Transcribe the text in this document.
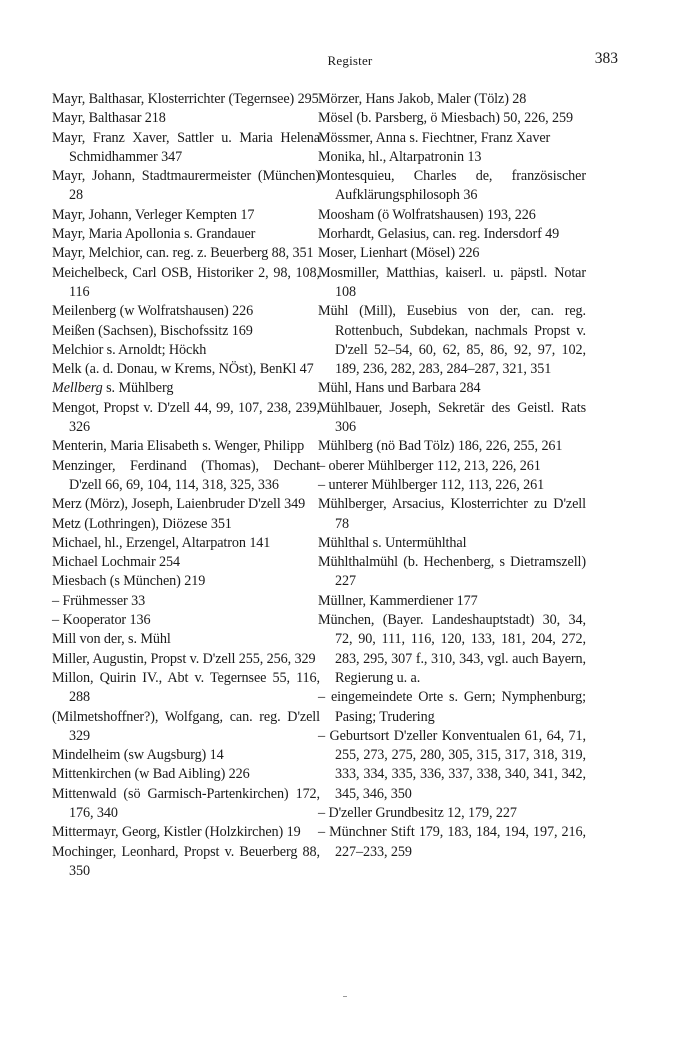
Register	383

Mayr, Balthasar, Klosterrichter (Tegernsee) 295

Mayr, Balthasar 218

Mayr, Franz Xaver, Sattler u. Maria Helena Schmidhammer 347

Mayr, Johann, Stadtmaurermeister (München) 28

Mayr, Johann, Verleger Kempten 17

Mayr, Maria Apollonia s. Grandauer

Mayr, Melchior, can. reg. z. Beuerberg 88, 351

Meichelbeck, Carl OSB, Historiker 2, 98, 108, 116

Meilenberg (w Wolfratshausen) 226

Meißen (Sachsen), Bischofssitz 169

Melchior s. Arnoldt; Höckh

Melk (a. d. Donau, w Krems, NÖst), BenKl 47

Mellberg s. Mühlberg

Mengot, Propst v. D'zell 44, 99, 107, 238, 239, 326

Menterin, Maria Elisabeth s. Wenger, Philipp

Menzinger, Ferdinand (Thomas), Dechant D'zell 66, 69, 104, 114, 318, 325, 336

Merz (Mörz), Joseph, Laienbruder D'zell 349

Metz (Lothringen), Diözese 351

Michael, hl., Erzengel, Altarpatron 141

Michael Lochmair 254

Miesbach (s München) 219

– Frühmesser 33

– Kooperator 136

Mill von der, s. Mühl

Miller, Augustin, Propst v. D'zell 255, 256, 329

Millon, Quirin IV., Abt v. Tegernsee 55, 116, 288

(Milmetshoffner?), Wolfgang, can. reg. D'zell 329

Mindelheim (sw Augsburg) 14

Mittenkirchen (w Bad Aibling) 226

Mittenwald (sö Garmisch-Partenkirchen) 172, 176, 340

Mittermayr, Georg, Kistler (Holzkirchen) 19

Mochinger, Leonhard, Propst v. Beuerberg 88, 350

Mörzer, Hans Jakob, Maler (Tölz) 28

Mösel (b. Parsberg, ö Miesbach) 50, 226, 259

Mössmer, Anna s. Fiechtner, Franz Xaver

Monika, hl., Altarpatronin 13

Montesquieu, Charles de, französischer Aufklärungsphilosoph 36

Moosham (ö Wolfratshausen) 193, 226

Morhardt, Gelasius, can. reg. Indersdorf 49

Moser, Lienhart (Mösel) 226

Mosmiller, Matthias, kaiserl. u. päpstl. Notar 108

Mühl (Mill), Eusebius von der, can. reg. Rottenbuch, Subdekan, nachmals Propst v. D'zell 52–54, 60, 62, 85, 86, 92, 97, 102, 189, 236, 282, 283, 284–287, 321, 351

Mühl, Hans und Barbara 284

Mühlbauer, Joseph, Sekretär des Geistl. Rats 306

Mühlberg (nö Bad Tölz) 186, 226, 255, 261

– oberer Mühlberger 112, 213, 226, 261

– unterer Mühlberger 112, 113, 226, 261

Mühlberger, Arsacius, Klosterrichter zu D'zell 78

Mühlthal s. Untermühlthal

Mühlthalmühl (b. Hechenberg, s Dietramszell) 227

Müllner, Kammerdiener 177

München, (Bayer. Landeshauptstadt) 30, 34, 72, 90, 111, 116, 120, 133, 181, 204, 272, 283, 295, 307 f., 310, 343, vgl. auch Bayern, Regierung u. a.

– eingemeindete Orte s. Gern; Nymphenburg; Pasing; Trudering

– Geburtsort D'zeller Konventualen 61, 64, 71, 255, 273, 275, 280, 305, 315, 317, 318, 319, 333, 334, 335, 336, 337, 338, 340, 341, 342, 345, 346, 350

– D'zeller Grundbesitz 12, 179, 227

– Münchner Stift 179, 183, 184, 194, 197, 216, 227–233, 259
